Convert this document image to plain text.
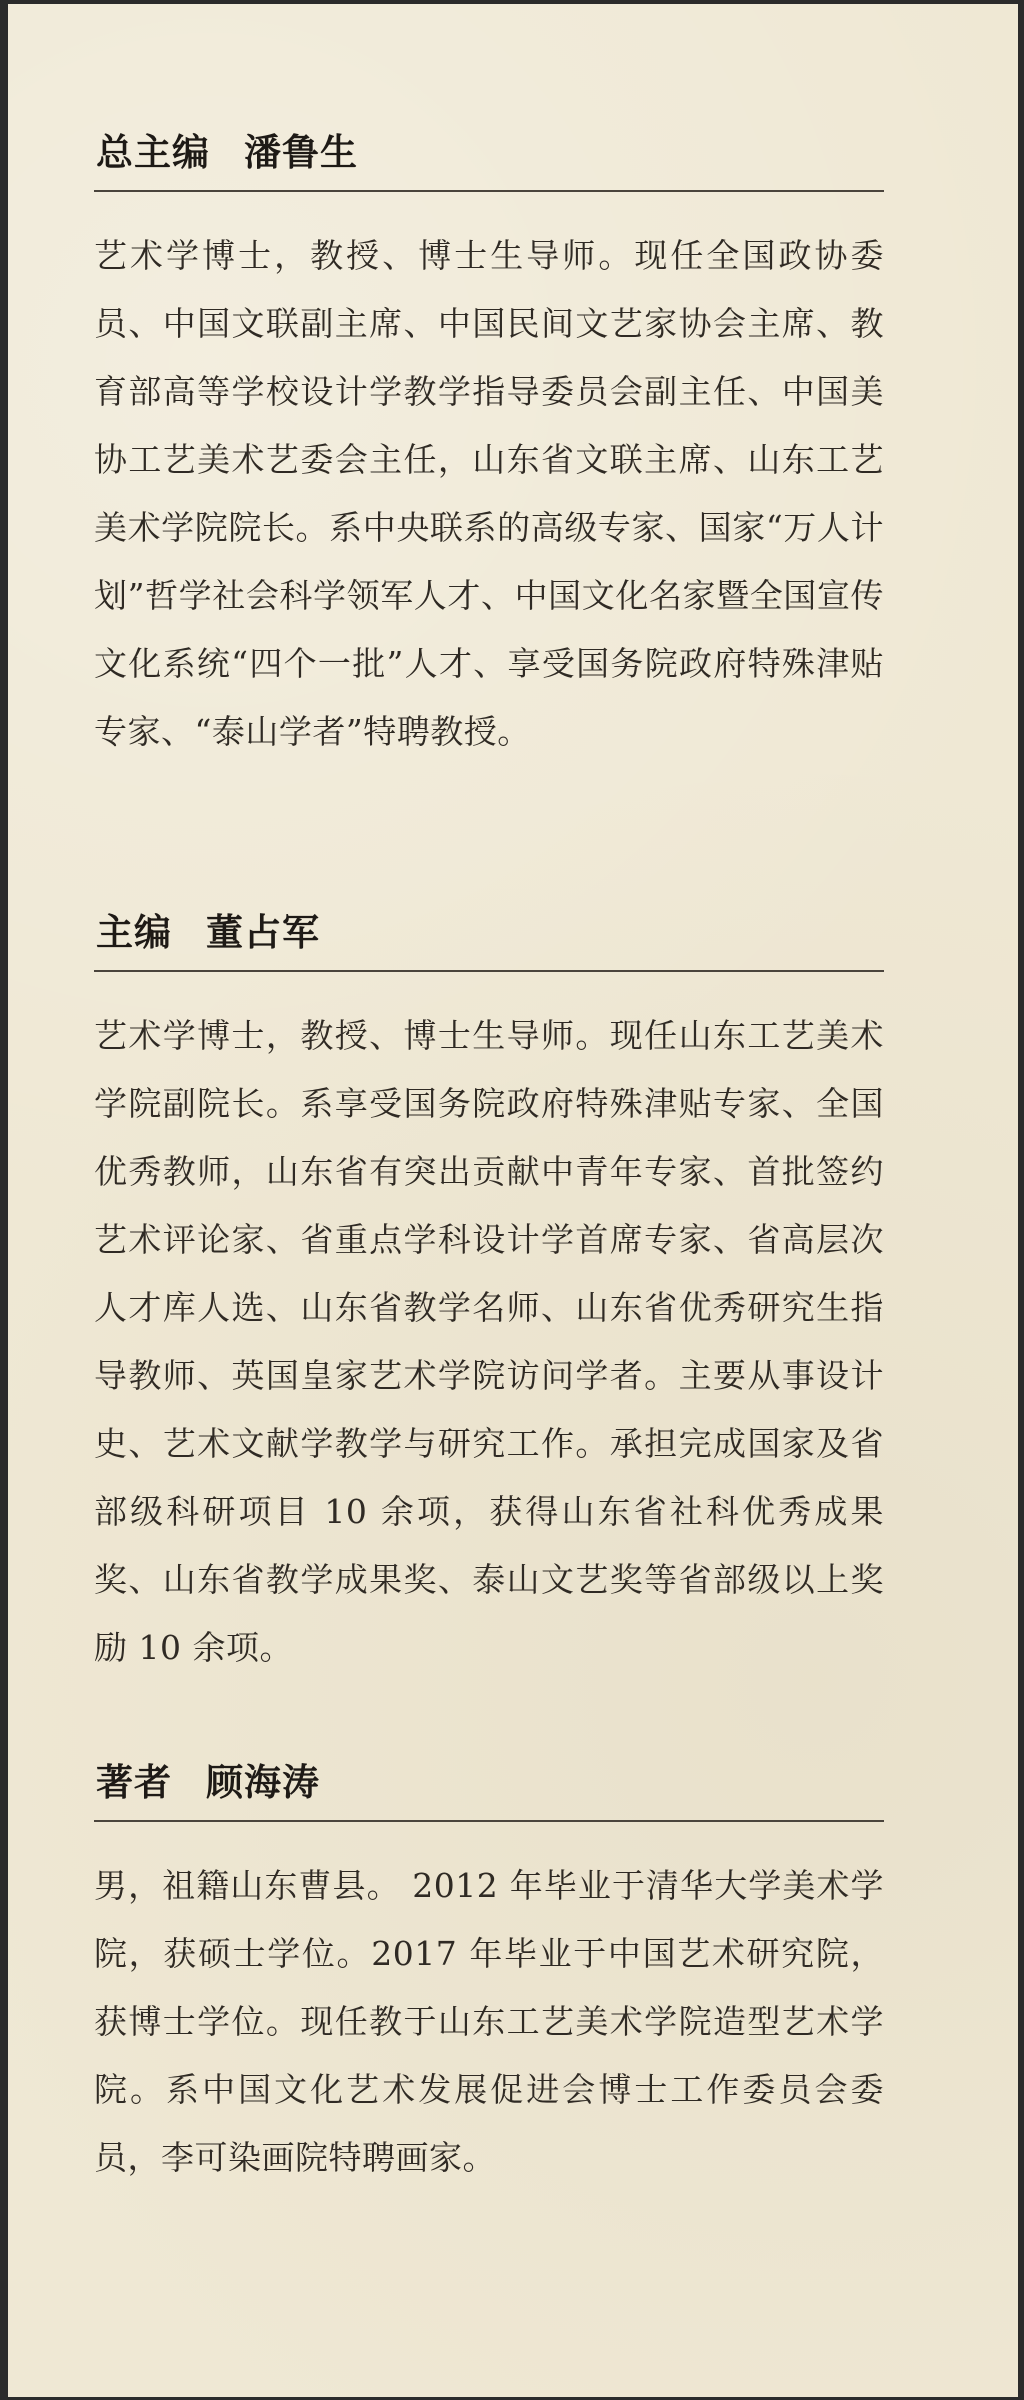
总主编 潘鲁生

艺术学博士，教授、博士生导师。现任全国政协委员、中国文联副主席、中国民间文艺家协会主席、教育部高等学校设计学教学指导委员会副主任、中国美协工艺美术艺委会主任，山东省文联主席、山东工艺美术学院院长。系中央联系的高级专家、国家“万人计划”哲学社会科学领军人才、中国文化名家暨全国宣传文化系统“四个一批”人才、享受国务院政府特殊津贴专家、“泰山学者”特聘教授。

主编 董占军

艺术学博士，教授、博士生导师。现任山东工艺美术学院副院长。系享受国务院政府特殊津贴专家、全国优秀教师，山东省有突出贡献中青年专家、首批签约艺术评论家、省重点学科设计学首席专家、省高层次人才库人选、山东省教学名师、山东省优秀研究生指导教师、英国皇家艺术学院访问学者。主要从事设计史、艺术文献学教学与研究工作。承担完成国家及省部级科研项目 10 余项，获得山东省社科优秀成果奖、山东省教学成果奖、泰山文艺奖等省部级以上奖励 10 余项。

著者 顾海涛

男，祖籍山东曹县。 2012 年毕业于清华大学美术学院，获硕士学位。2017 年毕业于中国艺术研究院，获博士学位。现任教于山东工艺美术学院造型艺术学院。系中国文化艺术发展促进会博士工作委员会委员，李可染画院特聘画家。
